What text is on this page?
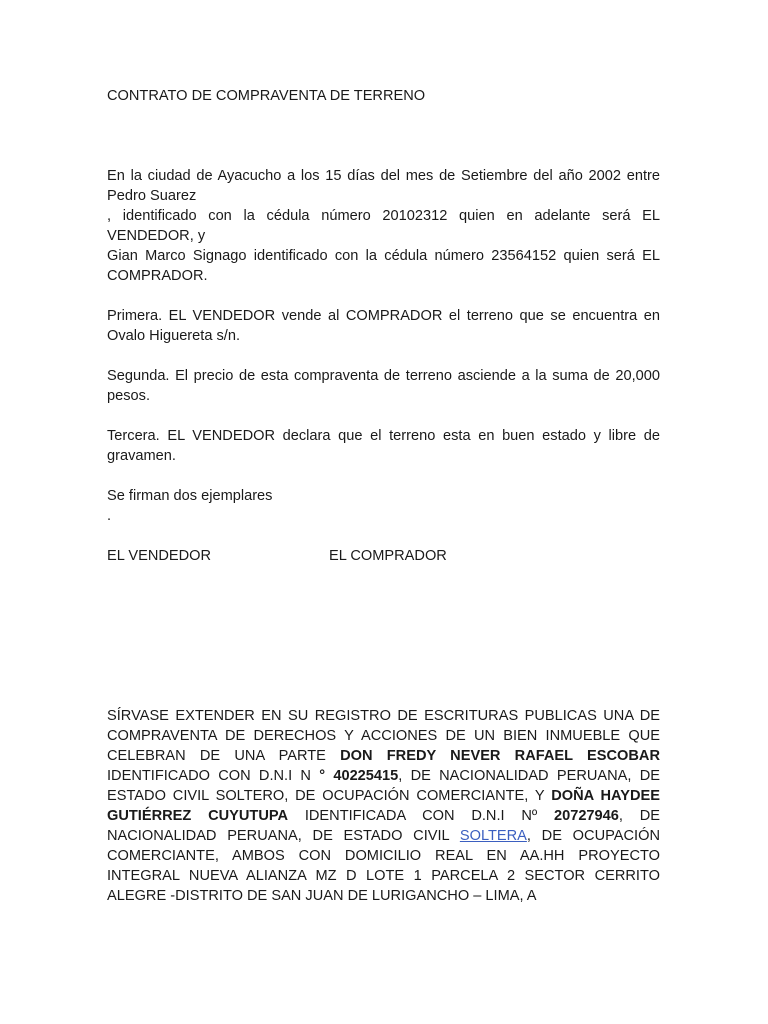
CONTRATO DE COMPRAVENTA DE TERRENO

En la ciudad de Ayacucho a los 15 días del mes de Setiembre del año 2002 entre Pedro Suarez
, identificado con la cédula número 20102312 quien en adelante será EL VENDEDOR, y
Gian Marco Signago identificado con la cédula número 23564152 quien será EL COMPRADOR.

Primera. EL VENDEDOR vende al COMPRADOR el terreno que se encuentra en Ovalo Higuereta s/n.

Segunda. El precio de esta compraventa de terreno asciende a la suma de 20,000 pesos.

Tercera. EL VENDEDOR declara que el terreno esta en buen estado y libre de gravamen.

Se firman dos ejemplares
.

EL VENDEDOR	EL COMPRADOR

SÍRVASE EXTENDER EN SU REGISTRO DE ESCRITURAS PUBLICAS UNA DE COMPRAVENTA DE DERECHOS Y ACCIONES DE UN BIEN INMUEBLE QUE CELEBRAN DE UNA PARTE DON FREDY NEVER RAFAEL ESCOBAR IDENTIFICADO CON D.N.I N ° 40225415, DE NACIONALIDAD PERUANA, DE ESTADO CIVIL SOLTERO, DE OCUPACIÓN COMERCIANTE, Y DOÑA HAYDEE GUTIÉRREZ CUYUTUPA IDENTIFICADA CON D.N.I Nº 20727946, DE NACIONALIDAD PERUANA, DE ESTADO CIVIL SOLTERA, DE OCUPACIÓN COMERCIANTE, AMBOS CON DOMICILIO REAL EN AA.HH PROYECTO INTEGRAL NUEVA ALIANZA MZ D LOTE 1 PARCELA 2 SECTOR CERRITO ALEGRE -DISTRITO DE SAN JUAN DE LURIGANCHO – LIMA, A
